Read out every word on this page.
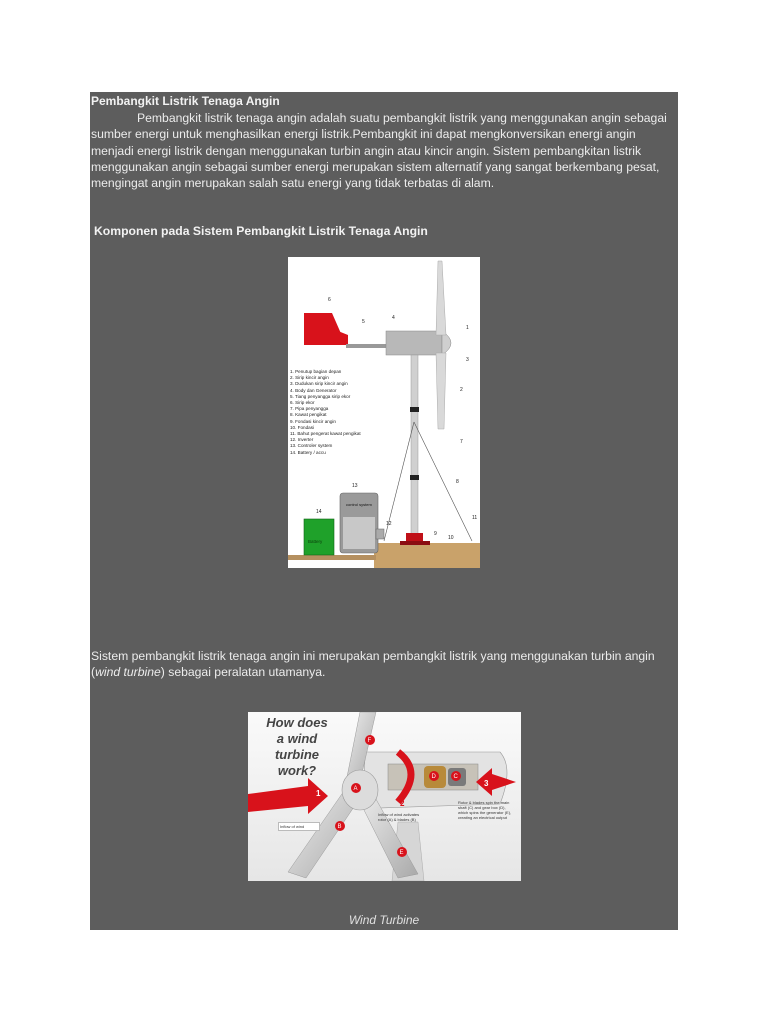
Pembangkit Listrik Tenaga Angin

Pembangkit listrik tenaga angin adalah suatu pembangkit listrik yang menggunakan angin sebagai sumber energi untuk menghasilkan energi listrik.Pembangkit ini dapat mengkonversikan energi angin menjadi energi listrik dengan menggunakan turbin angin atau kincir angin. Sistem pembangkitan listrik menggunakan angin sebagai sumber energi merupakan sistem alternatif yang sangat berkembang pesat, mengingat angin merupakan salah satu energi yang tidak terbatas di alam.

Komponen pada Sistem Pembangkit Listrik Tenaga Angin
control system
Battery
6
5
4
1
3
2
7
8
9
10
11
14
13
12
1. Penutup bagian depan
2. Sirip kincir angin
3. Dudukan sirip kincir angin
4. Body dan Generator
5. Tiang penyangga sirip ekor
6. Sirip ekor
7. Pipa penyangga
8. Kawat pengikat
9. Fondasi kincir angin
10. Fondasi
11. Bahut pengerat kawat pengikat
12. Inverter
13. Controler system
14. Battery / accu

Sistem pembangkit listrik tenaga angin ini merupakan pembangkit listrik yang menggunakan turbin angin (wind turbine) sebagai peralatan utamanya.

F
A
B
E
D	C
1
2
3
How does a wind turbine work?
Inflow of wind
Inflow of wind activates rotor (A) & blades (B)
Rotor & blades spin the main shaft (C) and gear box (D), which spins the generator (E), creating an electrical output
Wind Turbine
